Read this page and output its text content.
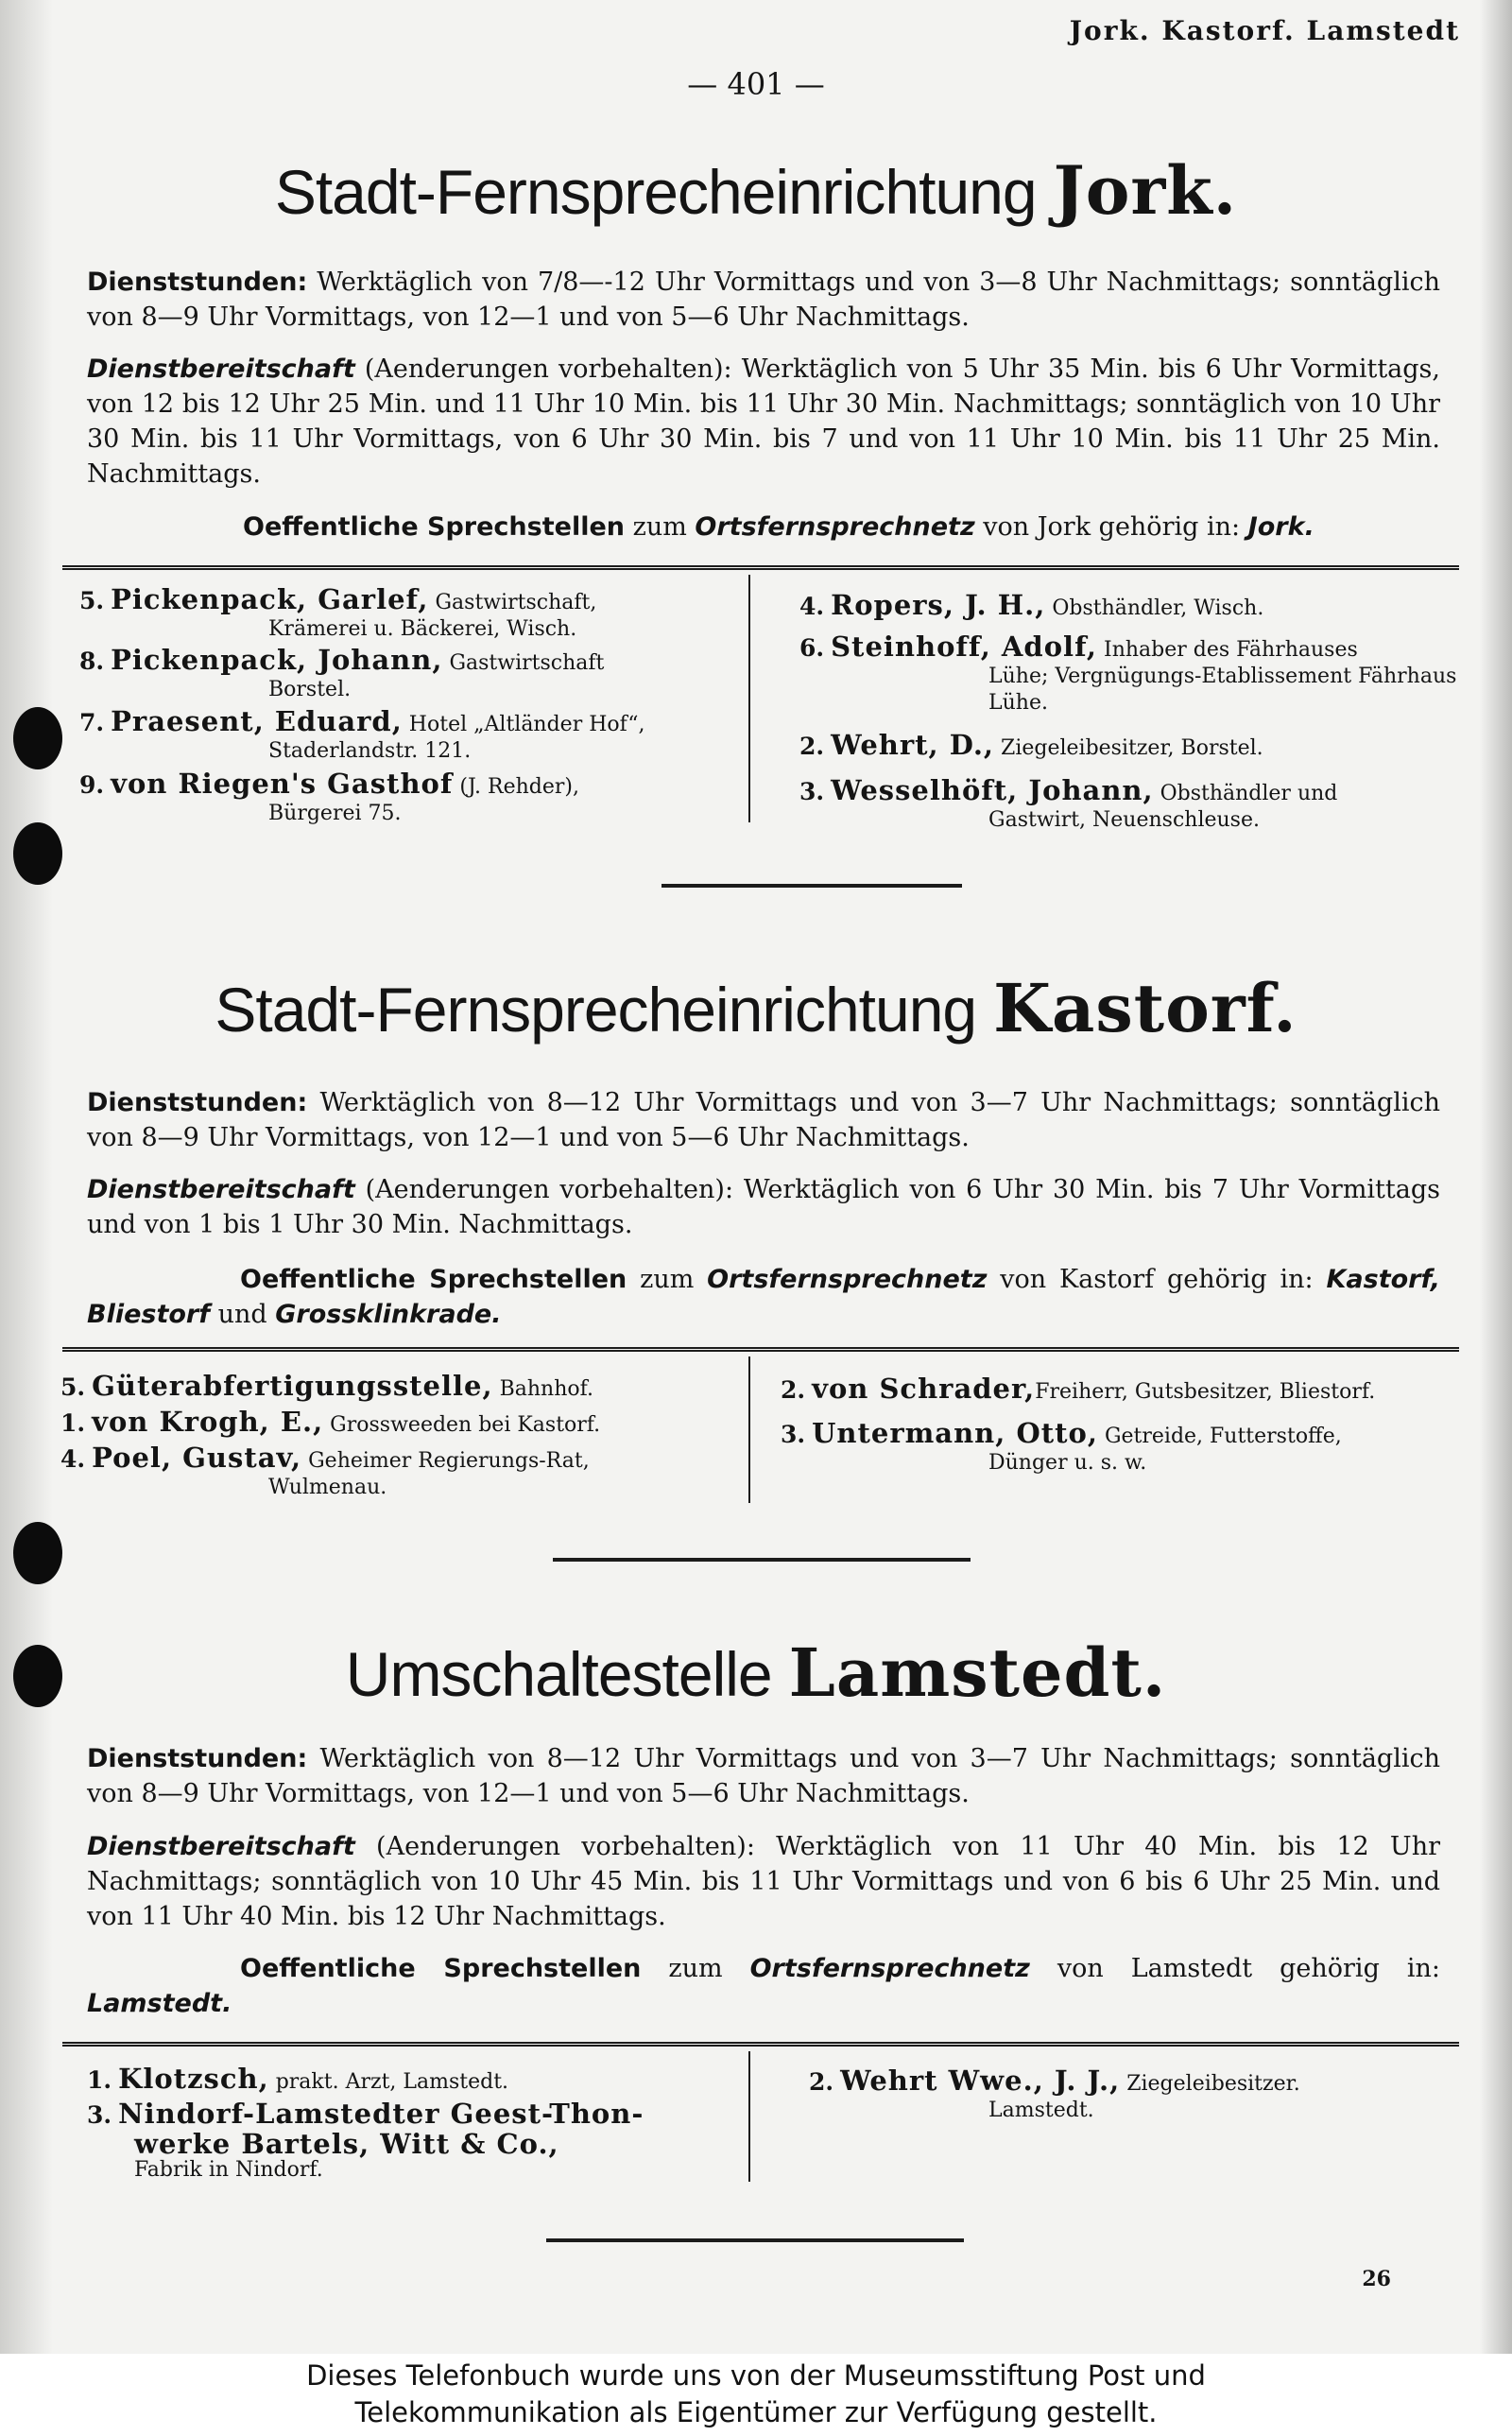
Jork. Kastorf. Lamstedt
— 401 —
Stadt-Fernsprecheinrichtung Jork.
Dienststunden: Werktäglich von 7/8—-12 Uhr Vormittags und von 3—8 Uhr Nachmittags; sonntäglich von 8—9 Uhr Vormittags, von 12—1 und von 5—6 Uhr Nachmittags.
Dienstbereitschaft (Aenderungen vorbehalten): Werktäglich von 5 Uhr 35 Min. bis 6 Uhr Vormittags, von 12 bis 12 Uhr 25 Min. und 11 Uhr 10 Min. bis 11 Uhr 30 Min. Nachmittags; sonntäglich von 10 Uhr 30 Min. bis 11 Uhr Vormittags, von 6 Uhr 30 Min. bis 7 und von 11 Uhr 10 Min. bis 11 Uhr 25 Min. Nachmittags.
Oeffentliche Sprechstellen zum Ortsfernsprechnetz von Jork gehörig in: Jork.
5. Pickenpack, Garlef, Gastwirtschaft,
Krämerei u. Bäckerei, Wisch.
8. Pickenpack, Johann, Gastwirtschaft
Borstel.
7. Praesent, Eduard, Hotel „Altländer Hof“,
Staderlandstr. 121.
9. von Riegen's Gasthof (J. Rehder),
Bürgerei 75.
4. Ropers, J. H., Obsthändler, Wisch.
6. Steinhoff, Adolf, Inhaber des Fährhauses
Lühe; Vergnügungs-Etablissement Fährhaus Lühe.
2. Wehrt, D., Ziegeleibesitzer, Borstel.
3. Wesselhöft, Johann, Obsthändler und
Gastwirt, Neuenschleuse.
Stadt-Fernsprecheinrichtung Kastorf.
Dienststunden: Werktäglich von 8—12 Uhr Vormittags und von 3—7 Uhr Nachmittags; sonntäglich von 8—9 Uhr Vormittags, von 12—1 und von 5—6 Uhr Nachmittags.
Dienstbereitschaft (Aenderungen vorbehalten): Werktäglich von 6 Uhr 30 Min. bis 7 Uhr Vormittags und von 1 bis 1 Uhr 30 Min. Nachmittags.
Oeffentliche Sprechstellen zum Ortsfernsprechnetz von Kastorf gehörig in: Kastorf, Bliestorf und Grossklinkrade.
5. Güterabfertigungsstelle, Bahnhof.
1. von Krogh, E., Grossweeden bei Kastorf.
4. Poel, Gustav, Geheimer Regierungs-Rat,
Wulmenau.
2. von Schrader,Freiherr, Gutsbesitzer, Bliestorf.
3. Untermann, Otto, Getreide, Futterstoffe,
Dünger u. s. w.
Umschaltestelle Lamstedt.
Dienststunden: Werktäglich von 8—12 Uhr Vormittags und von 3—7 Uhr Nachmittags; sonntäglich von 8—9 Uhr Vormittags, von 12—1 und von 5—6 Uhr Nachmittags.
Dienstbereitschaft (Aenderungen vorbehalten): Werktäglich von 11 Uhr 40 Min. bis 12 Uhr Nachmittags; sonntäglich von 10 Uhr 45 Min. bis 11 Uhr Vormittags und von 6 bis 6 Uhr 25 Min. und von 11 Uhr 40 Min. bis 12 Uhr Nachmittags.
Oeffentliche Sprechstellen zum Ortsfernsprechnetz von Lamstedt gehörig in: Lamstedt.
1. Klotzsch, prakt. Arzt, Lamstedt.
3. Nindorf-Lamstedter Geest-Thon-
werke Bartels, Witt & Co.,
Fabrik in Nindorf.
2. Wehrt Wwe., J. J., Ziegeleibesitzer.
Lamstedt.
26
Dieses Telefonbuch wurde uns von der Museumsstiftung Post und
Telekommunikation als Eigentümer zur Verfügung gestellt.
